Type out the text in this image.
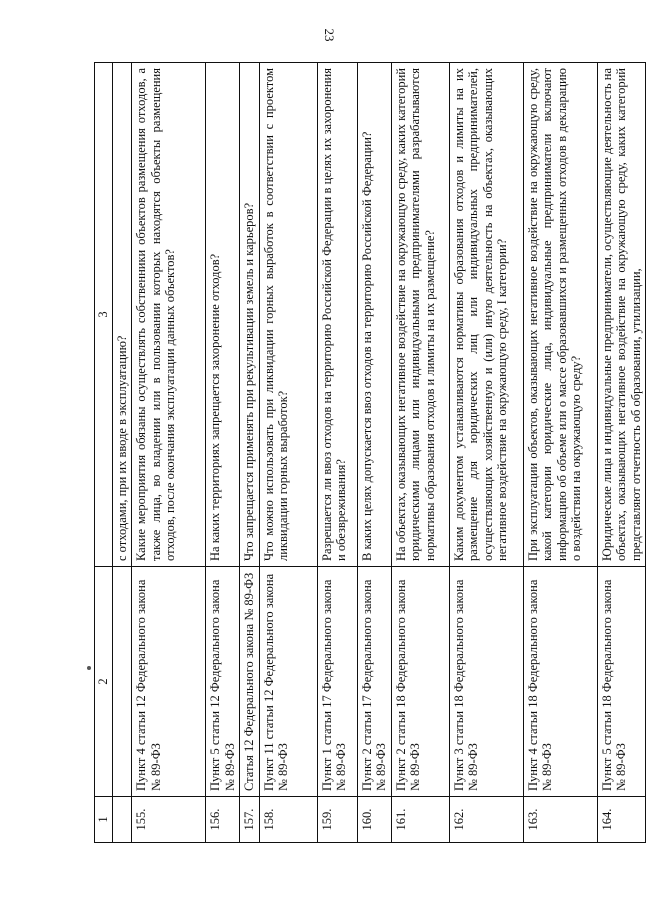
23
1	2	3
		с отходами, при их вводе в эксплуатацию?
155.	Пункт 4 статьи 12 Федерального закона № 89-ФЗ	Какие мероприятия обязаны осуществлять собственники объектов размещения отходов, а также лица, во владении или в пользовании которых находятся объекты размещения отходов, после окончания эксплуатации данных объектов?
156.	Пункт 5 статьи 12 Федерального закона № 89-ФЗ	На каких территориях запрещается захоронение отходов?
157.	Статья 12 Федерального закона № 89-ФЗ	Что запрещается применять при рекультивации земель и карьеров?
158.	Пункт 11 статьи 12 Федерального закона № 89-ФЗ	Что можно использовать при ликвидации горных выработок в соответствии с проектом ликвидации горных выработок?
159.	Пункт 1 статьи 17 Федерального закона № 89-ФЗ	Разрешается ли ввоз отходов на территорию Российской Федерации в целях их захоронения и обезвреживания?
160.	Пункт 2 статьи 17 Федерального закона № 89-ФЗ	В каких целях допускается ввоз отходов на территорию Российской Федерации?
161.	Пункт 2 статьи 18 Федерального закона № 89-ФЗ	На объектах, оказывающих негативное воздействие на окружающую среду, каких категорий юридическими лицами или индивидуальными предпринимателями разрабатываются нормативы образования отходов и лимиты на их размещение?
162.	Пункт 3 статьи 18 Федерального закона № 89-ФЗ	Каким документом устанавливаются нормативы образования отходов и лимиты на их размещение для юридических лиц или индивидуальных предпринимателей, осуществляющих хозяйственную и (или) иную деятельность на объектах, оказывающих негативное воздействие на окружающую среду, I категории?
163.	Пункт 4 статьи 18 Федерального закона № 89-ФЗ	При эксплуатации объектов, оказывающих негативное воздействие на окружающую среду, какой категории юридические лица, индивидуальные предприниматели включают информацию об объеме или о массе образовавшихся и размещенных отходов в декларацию о воздействии на окружающую среду?
164.	Пункт 5 статьи 18 Федерального закона № 89-ФЗ	Юридические лица и индивидуальные предприниматели, осуществляющие деятельность на объектах, оказывающих негативное воздействие на окружающую среду, каких категорий представляют отчетность об образовании, утилизации,
